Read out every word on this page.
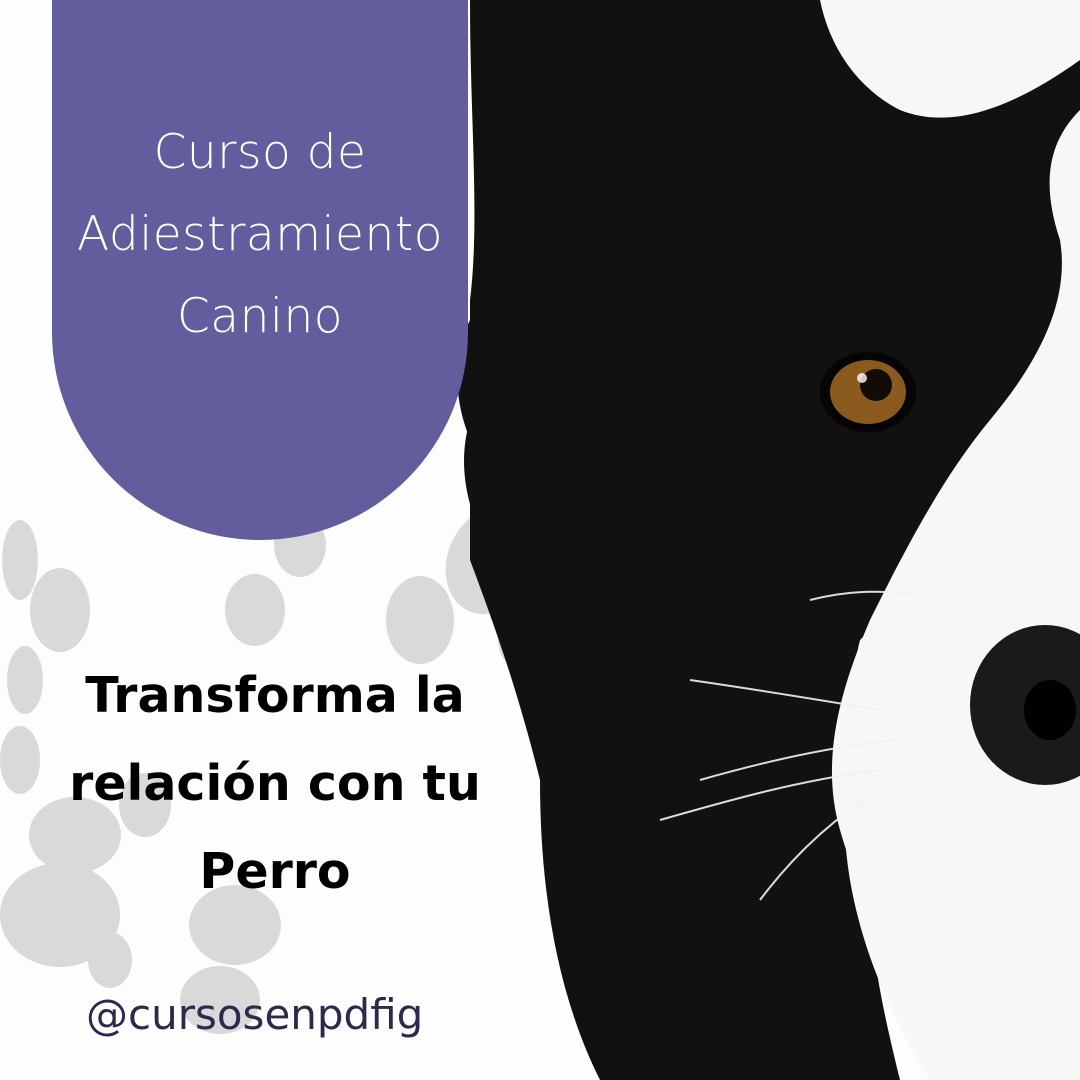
Curso de
Adiestramiento
Canino
Transforma la
relación con tu
Perro
@cursosenpdfig
